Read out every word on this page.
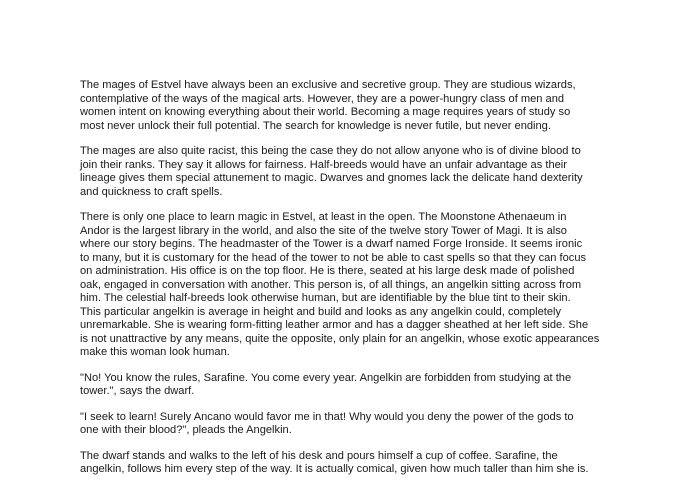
The mages of Estvel have always been an exclusive and secretive group. They are studious wizards,
contemplative of the ways of the magical arts. However, they are a power-hungry class of men and
women intent on knowing everything about their world. Becoming a mage requires years of study so
most never unlock their full potential. The search for knowledge is never futile, but never ending.

The mages are also quite racist, this being the case they do not allow anyone who is of divine blood to
join their ranks. They say it allows for fairness. Half-breeds would have an unfair advantage as their
lineage gives them special attunement to magic. Dwarves and gnomes lack the delicate hand dexterity
and quickness to craft spells.

There is only one place to learn magic in Estvel, at least in the open. The Moonstone Athenaeum in
Andor is the largest library in the world, and also the site of the twelve story Tower of Magi. It is also
where our story begins. The headmaster of the Tower is a dwarf named Forge Ironside. It seems ironic
to many, but it is customary for the head of the tower to not be able to cast spells so that they can focus
on administration. His office is on the top floor. He is there, seated at his large desk made of polished
oak, engaged in conversation with another. This person is, of all things, an angelkin sitting across from
him. The celestial half-breeds look otherwise human, but are identifiable by the blue tint to their skin.
This particular angelkin is average in height and build and looks as any angelkin could, completely
unremarkable. She is wearing form-fitting leather armor and has a dagger sheathed at her left side. She
is not unattractive by any means, quite the opposite, only plain for an angelkin, whose exotic appearances
make this woman look human.

"No! You know the rules, Sarafine. You come every year. Angelkin are forbidden from studying at the
tower.", says the dwarf.

"I seek to learn! Surely Ancano would favor me in that! Why would you deny the power of the gods to
one with their blood?", pleads the Angelkin.

The dwarf stands and walks to the left of his desk and pours himself a cup of coffee. Sarafine, the
angelkin, follows him every step of the way. It is actually comical, given how much taller than him she is.
